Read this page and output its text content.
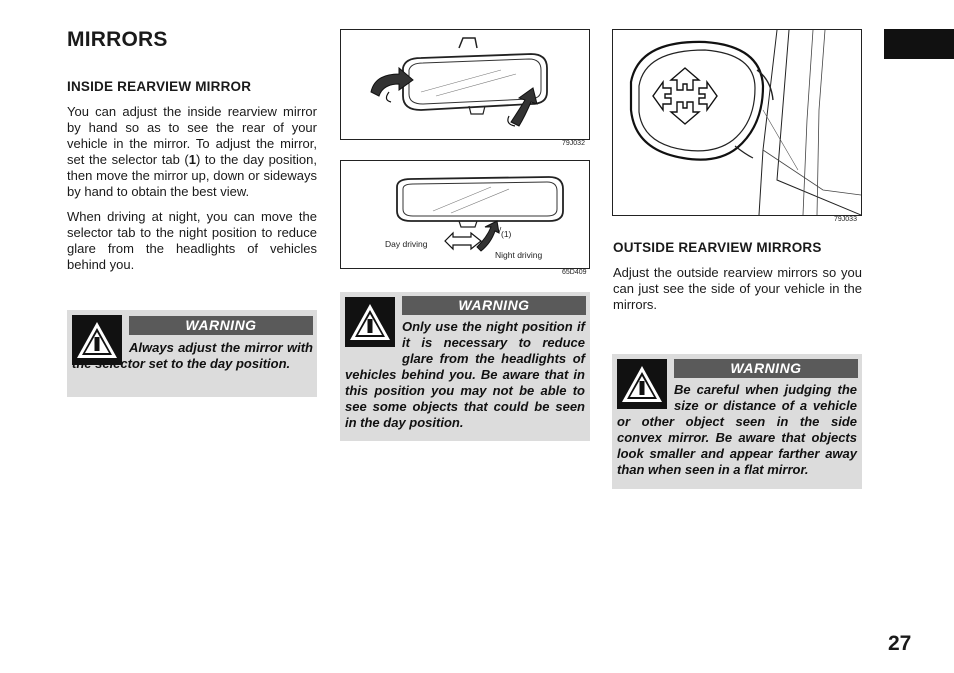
27
MIRRORS
INSIDE REARVIEW MIRROR

You can adjust the inside rearview mirror by hand so as to see the rear of your vehicle in the mirror. To adjust the mirror, set the selector tab (1) to the day position, then move the mirror up, down or sideways by hand to obtain the best view.

When driving at night, you can move the selector tab to the night position to reduce glare from the headlights of vehicles behind you.

WARNING
Always adjust the mirror with the selector set to the day position.
79J032
Day driving
Night driving
(1)
65D409
WARNING
Only use the night position if it is necessary to reduce glare from the headlights of vehicles behind you. Be aware that in this position you may not be able to see some objects that could be seen in the day position.
79J033
OUTSIDE REARVIEW MIRRORS
Adjust the outside rearview mirrors so you can just see the side of your vehicle in the mirrors.
WARNING
Be careful when judging the size or distance of a vehicle or other object seen in the side convex mirror. Be aware that objects look smaller and appear farther away than when seen in a flat mirror.
